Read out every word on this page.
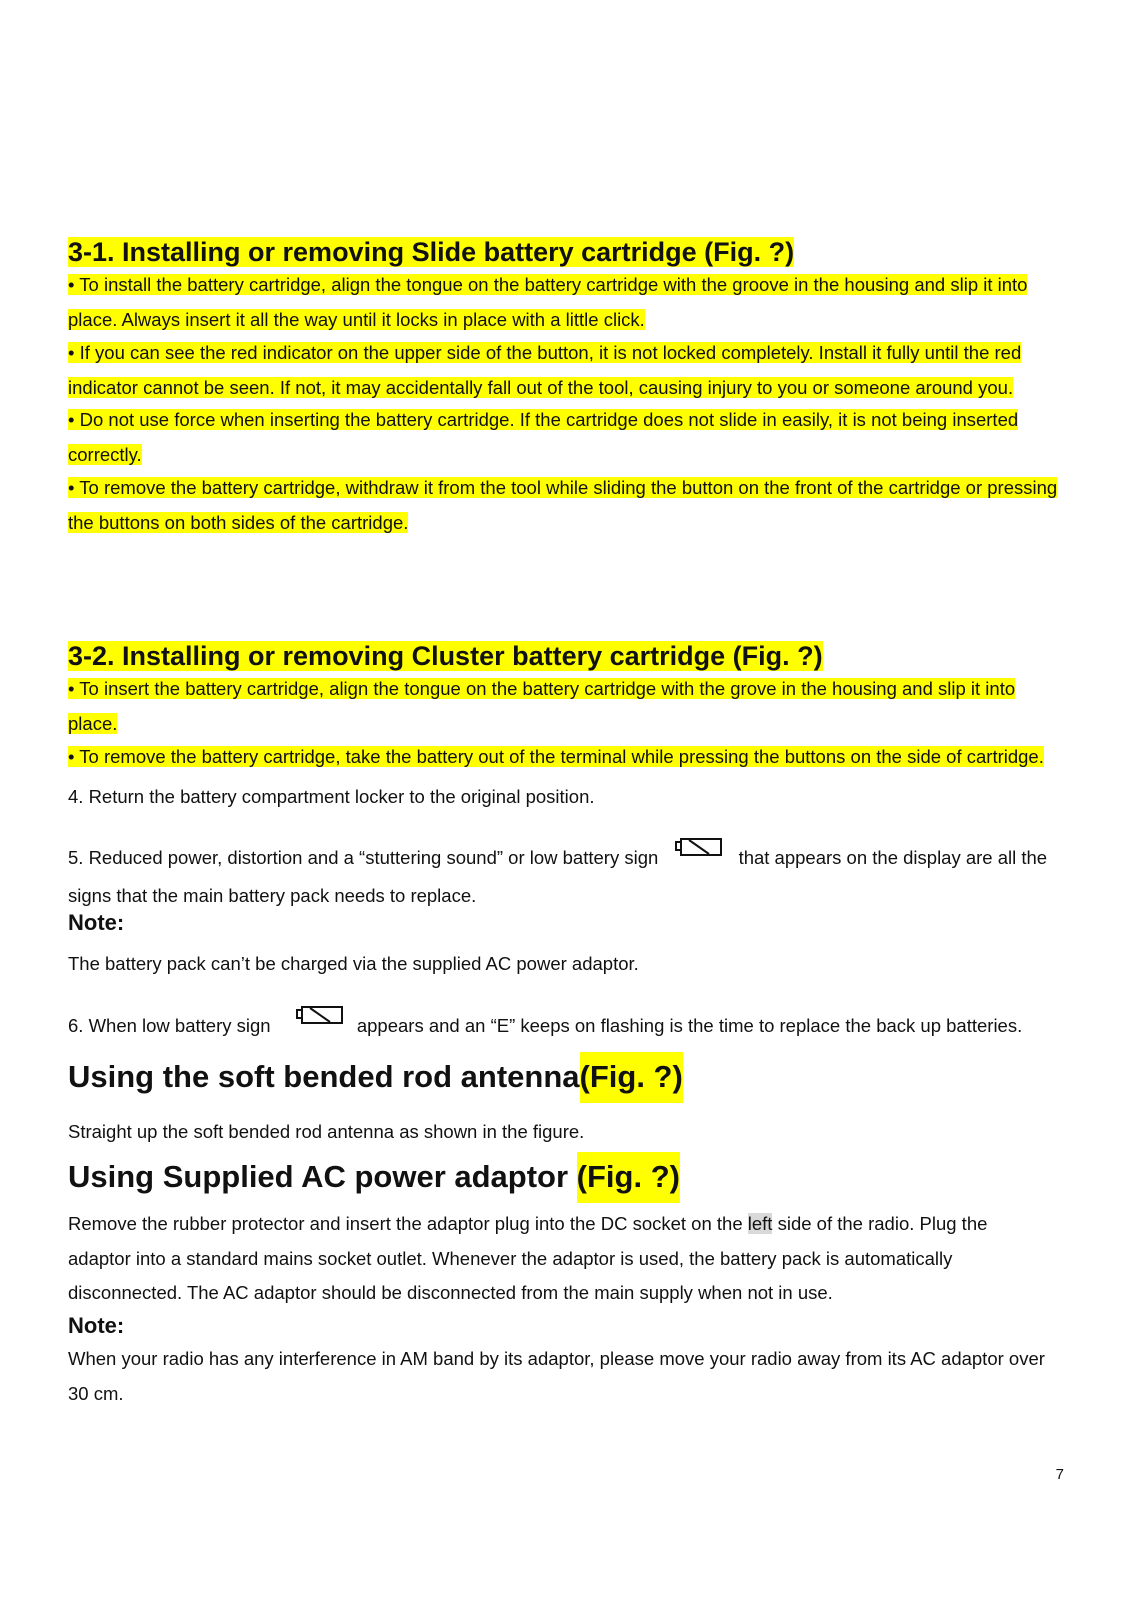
3-1. Installing or removing Slide battery cartridge (Fig. ?)

• To install the battery cartridge, align the tongue on the battery cartridge with the groove in the housing and slip it into place. Always insert it all the way until it locks in place with a little click.

• If you can see the red indicator on the upper side of the button, it is not locked completely. Install it fully until the red indicator cannot be seen. If not, it may accidentally fall out of the tool, causing injury to you or someone around you.

• Do not use force when inserting the battery cartridge. If the cartridge does not slide in easily, it is not being inserted correctly.

• To remove the battery cartridge, withdraw it from the tool while sliding the button on the front of the cartridge or pressing the buttons on both sides of the cartridge.

3-2. Installing or removing Cluster battery cartridge (Fig. ?)

• To insert the battery cartridge, align the tongue on the battery cartridge with the grove in the housing and slip it into place.

• To remove the battery cartridge, take the battery out of the terminal while pressing the buttons on the side of cartridge.

4. Return the battery compartment locker to the original position.

5. Reduced power, distortion and a “stuttering sound” or low battery sign	that appears on the display are all the

signs that the main battery pack needs to replace.

Note:

The battery pack can’t be charged via the supplied AC power adaptor.

6. When low battery sign	appears and an “E” keeps on flashing is the time to replace the back up batteries.

Using the soft bended rod antenna(Fig. ?)

Straight up the soft bended rod antenna as shown in the figure.

Using Supplied AC power adaptor (Fig. ?)

Remove the rubber protector and insert the adaptor plug into the DC socket on the left side of the radio. Plug the adaptor into a standard mains socket outlet. Whenever the adaptor is used, the battery pack is automatically disconnected. The AC adaptor should be disconnected from the main supply when not in use.

Note:

When your radio has any interference in AM band by its adaptor, please move your radio away from its AC adaptor over 30 cm.

7
